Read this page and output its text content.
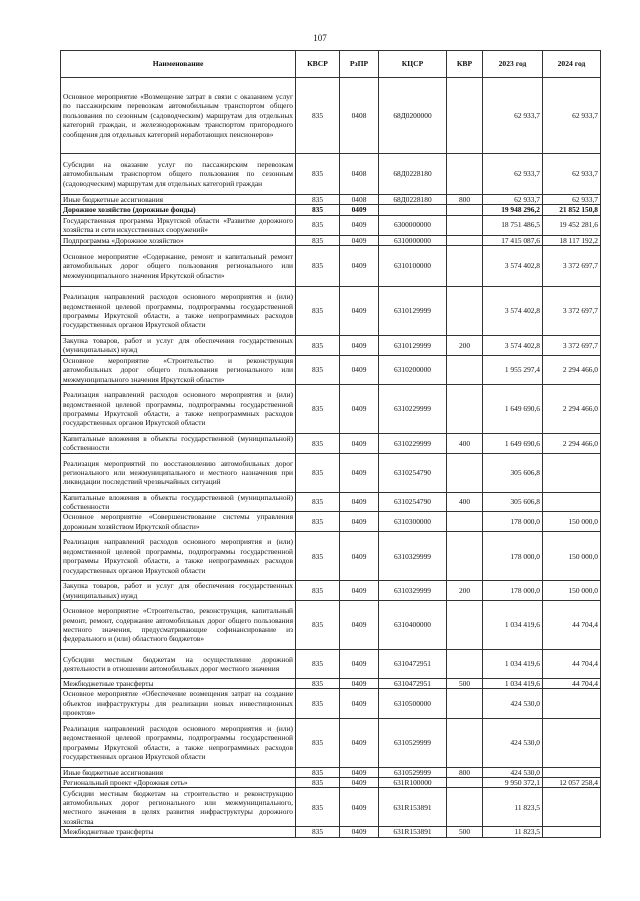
107
Наименование	КВСР	РзПР	КЦСР	КВР	2023 год	2024 год
Основное мероприятие «Возмещение затрат в связи с оказанием услуг по пассажирским перевозкам автомобильным транспортом общего пользования по сезонным (садоводческим) маршрутам для отдельных категорий граждан, и железнодорожным транспортом пригородного сообщения для отдельных категорий неработающих пенсионеров»	835	0408	68Д0200000		62 933,7	62 933,7
Субсидии на оказание услуг по пассажирским перевозкам автомобильным транспортом общего пользования по сезонным (садоводческим) маршрутам для отдельных категорий граждан	835	0408	68Д0228180		62 933,7	62 933,7
Иные бюджетные ассигнования	835	0408	68Д0228180	800	62 933,7	62 933,7
Дорожное хозяйство (дорожные фонды)	835	0409			19 948 296,2	21 852 150,8
Государственная программа Иркутской области «Развитие дорожного хозяйства и сети искусственных сооружений»	835	0409	6300000000		18 751 486,5	19 452 281,6
Подпрограмма «Дорожное хозяйство»	835	0409	6310000000		17 415 087,6	18 117 192,2
Основное мероприятие «Содержание, ремонт и капитальный ремонт автомобильных дорог общего пользования регионального или межмуниципального значения Иркутской области»	835	0409	6310100000		3 574 402,8	3 372 697,7
Реализация направлений расходов основного мероприятия и (или) ведомственной целевой программы, подпрограммы государственной программы Иркутской области, а также непрограммных расходов государственных органов Иркутской области	835	0409	6310129999		3 574 402,8	3 372 697,7
Закупка товаров, работ и услуг для обеспечения государственных (муниципальных) нужд	835	0409	6310129999	200	3 574 402,8	3 372 697,7
Основное мероприятие «Строительство и реконструкция автомобильных дорог общего пользования регионального или межмуниципального значения Иркутской области»	835	0409	6310200000		1 955 297,4	2 294 466,0
Реализация направлений расходов основного мероприятия и (или) ведомственной целевой программы, подпрограммы государственной программы Иркутской области, а также непрограммных расходов государственных органов Иркутской области	835	0409	6310229999		1 649 690,6	2 294 466,0
Капитальные вложения в объекты государственной (муниципальной) собственности	835	0409	6310229999	400	1 649 690,6	2 294 466,0
Реализация мероприятий по восстановлению автомобильных дорог регионального или межмуниципального и местного назначения при ликвидации последствий чрезвычайных ситуаций	835	0409	6310254790		305 606,8	
Капитальные вложения в объекты государственной (муниципальной) собственности	835	0409	6310254790	400	305 606,8	
Основное мероприятие «Совершенствование системы управления дорожным хозяйством Иркутской области»	835	0409	6310300000		178 000,0	150 000,0
Реализация направлений расходов основного мероприятия и (или) ведомственной целевой программы, подпрограммы государственной программы Иркутской области, а также непрограммных расходов государственных органов Иркутской области	835	0409	6310329999		178 000,0	150 000,0
Закупка товаров, работ и услуг для обеспечения государственных (муниципальных) нужд	835	0409	6310329999	200	178 000,0	150 000,0
Основное мероприятие «Строительство, реконструкция, капитальный ремонт, ремонт, содержание автомобильных дорог общего пользования местного значения, предусматривающие софинансирование из федерального и (или) областного бюджетов»	835	0409	6310400000		1 034 419,6	44 704,4
Субсидии местным бюджетам на осуществление дорожной деятельности в отношении автомобильных дорог местного значения	835	0409	6310472951		1 034 419,6	44 704,4
Межбюджетные трансферты	835	0409	6310472951	500	1 034 419,6	44 704,4
Основное мероприятие «Обеспечение возмещения затрат на создание объектов инфраструктуры для реализации новых инвестиционных проектов»	835	0409	6310500000		424 530,0	
Реализация направлений расходов основного мероприятия и (или) ведомственной целевой программы, подпрограммы государственной программы Иркутской области, а также непрограммных расходов государственных органов Иркутской области	835	0409	6310529999		424 530,0	
Иные бюджетные ассигнования	835	0409	6310529999	800	424 530,0	
Региональный проект «Дорожная сеть»	835	0409	631R100000		9 950 372,1	12 057 258,4
Субсидии местным бюджетам на строительство и реконструкцию автомобильных дорог регионального или межмуниципального, местного значения в целях развития инфраструктуры дорожного хозяйства	835	0409	631R153891		11 823,5	
Межбюджетные трансферты	835	0409	631R153891	500	11 823,5	
